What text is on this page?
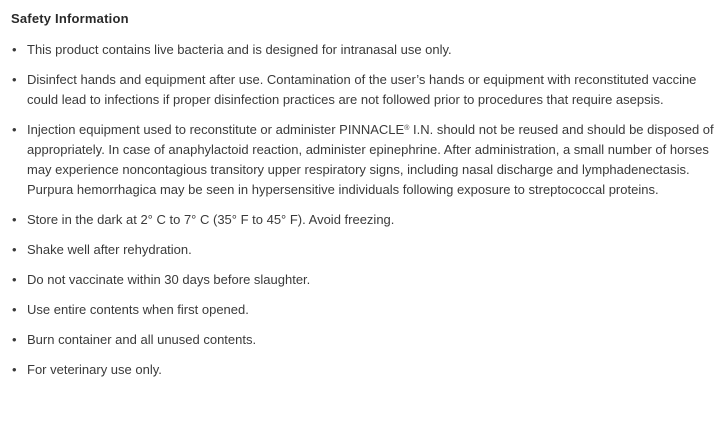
Safety Information
• This product contains live bacteria and is designed for intranasal use only.
• Disinfect hands and equipment after use. Contamination of the user’s hands or equipment with reconstituted vaccine could lead to infections if proper disinfection practices are not followed prior to procedures that require asepsis.
• Injection equipment used to reconstitute or administer PINNACLE® I.N. should not be reused and should be disposed of appropriately. In case of anaphylactoid reaction, administer epinephrine. After administration, a small number of horses may experience noncontagious transitory upper respiratory signs, including nasal discharge and lymphadenectasis. Purpura hemorrhagica may be seen in hypersensitive individuals following exposure to streptococcal proteins.
• Store in the dark at 2° C to 7° C (35° F to 45° F). Avoid freezing.
• Shake well after rehydration.
• Do not vaccinate within 30 days before slaughter.
• Use entire contents when first opened.
• Burn container and all unused contents.
• For veterinary use only.
